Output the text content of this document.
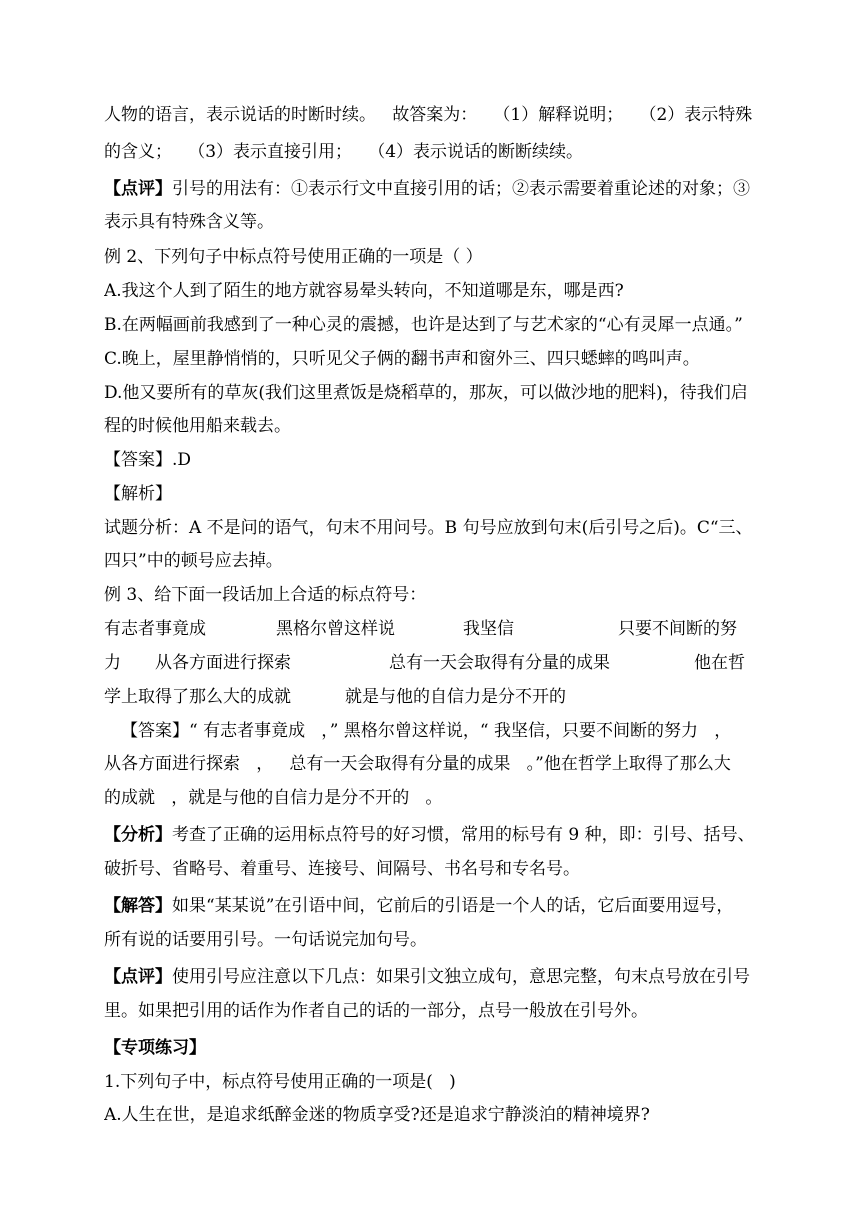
人物的语言，表示说话的时断时续。   故答案为：   （1）解释说明；   （2）表示特殊
的含义；   （3）表示直接引用；   （4）表示说话的断断续续。
【点评】引号的用法有：①表示行文中直接引用的话；②表示需要着重论述的对象；③
表示具有特殊含义等。
例 2、下列句子中标点符号使用正确的一项是（ ）
A.我这个人到了陌生的地方就容易晕头转向，不知道哪是东，哪是西?
B.在两幅画前我感到了一种心灵的震撼，也许是达到了与艺术家的“心有灵犀一点通。”
C.晚上，屋里静悄悄的，只听见父子俩的翻书声和窗外三、四只蟋蟀的鸣叫声。
D.他又要所有的草灰(我们这里煮饭是烧稻草的，那灰，可以做沙地的肥料)，待我们启
程的时候他用船来载去。
【答案】.D
【解析】
试题分析：A 不是问的语气，句末不用问号。B 句号应放到句末(后引号之后)。C“三、
四只”中的顿号应去掉。
例 3、给下面一段话加上合适的标点符号：
有志者事竟成	黑格尔曾这样说	我坚信	只要不间断的努
力 从各方面进行探索	总有一天会取得有分量的成果	他在哲
学上取得了那么大的成就	就是与他的自信力是分不开的
【答案】“ 有志者事竟成   ，” 黑格尔曾这样说，“ 我坚信，只要不间断的努力   ，
从各方面进行探索   ，   总有一天会取得有分量的成果   。”他在哲学上取得了那么大
的成就   ，就是与他的自信力是分不开的   。
【分析】考查了正确的运用标点符号的好习惯，常用的标号有 9 种，即：引号、括号、
破折号、省略号、着重号、连接号、间隔号、书名号和专名号。
【解答】如果“某某说”在引语中间，它前后的引语是一个人的话，它后面要用逗号，
所有说的话要用引号。一句话说完加句号。
【点评】使用引号应注意以下几点：如果引文独立成句，意思完整，句末点号放在引号
里。如果把引用的话作为作者自己的话的一部分，点号一般放在引号外。
【专项练习】
1.下列句子中，标点符号使用正确的一项是(   )
A.人生在世，是追求纸醉金迷的物质享受?还是追求宁静淡泊的精神境界?
